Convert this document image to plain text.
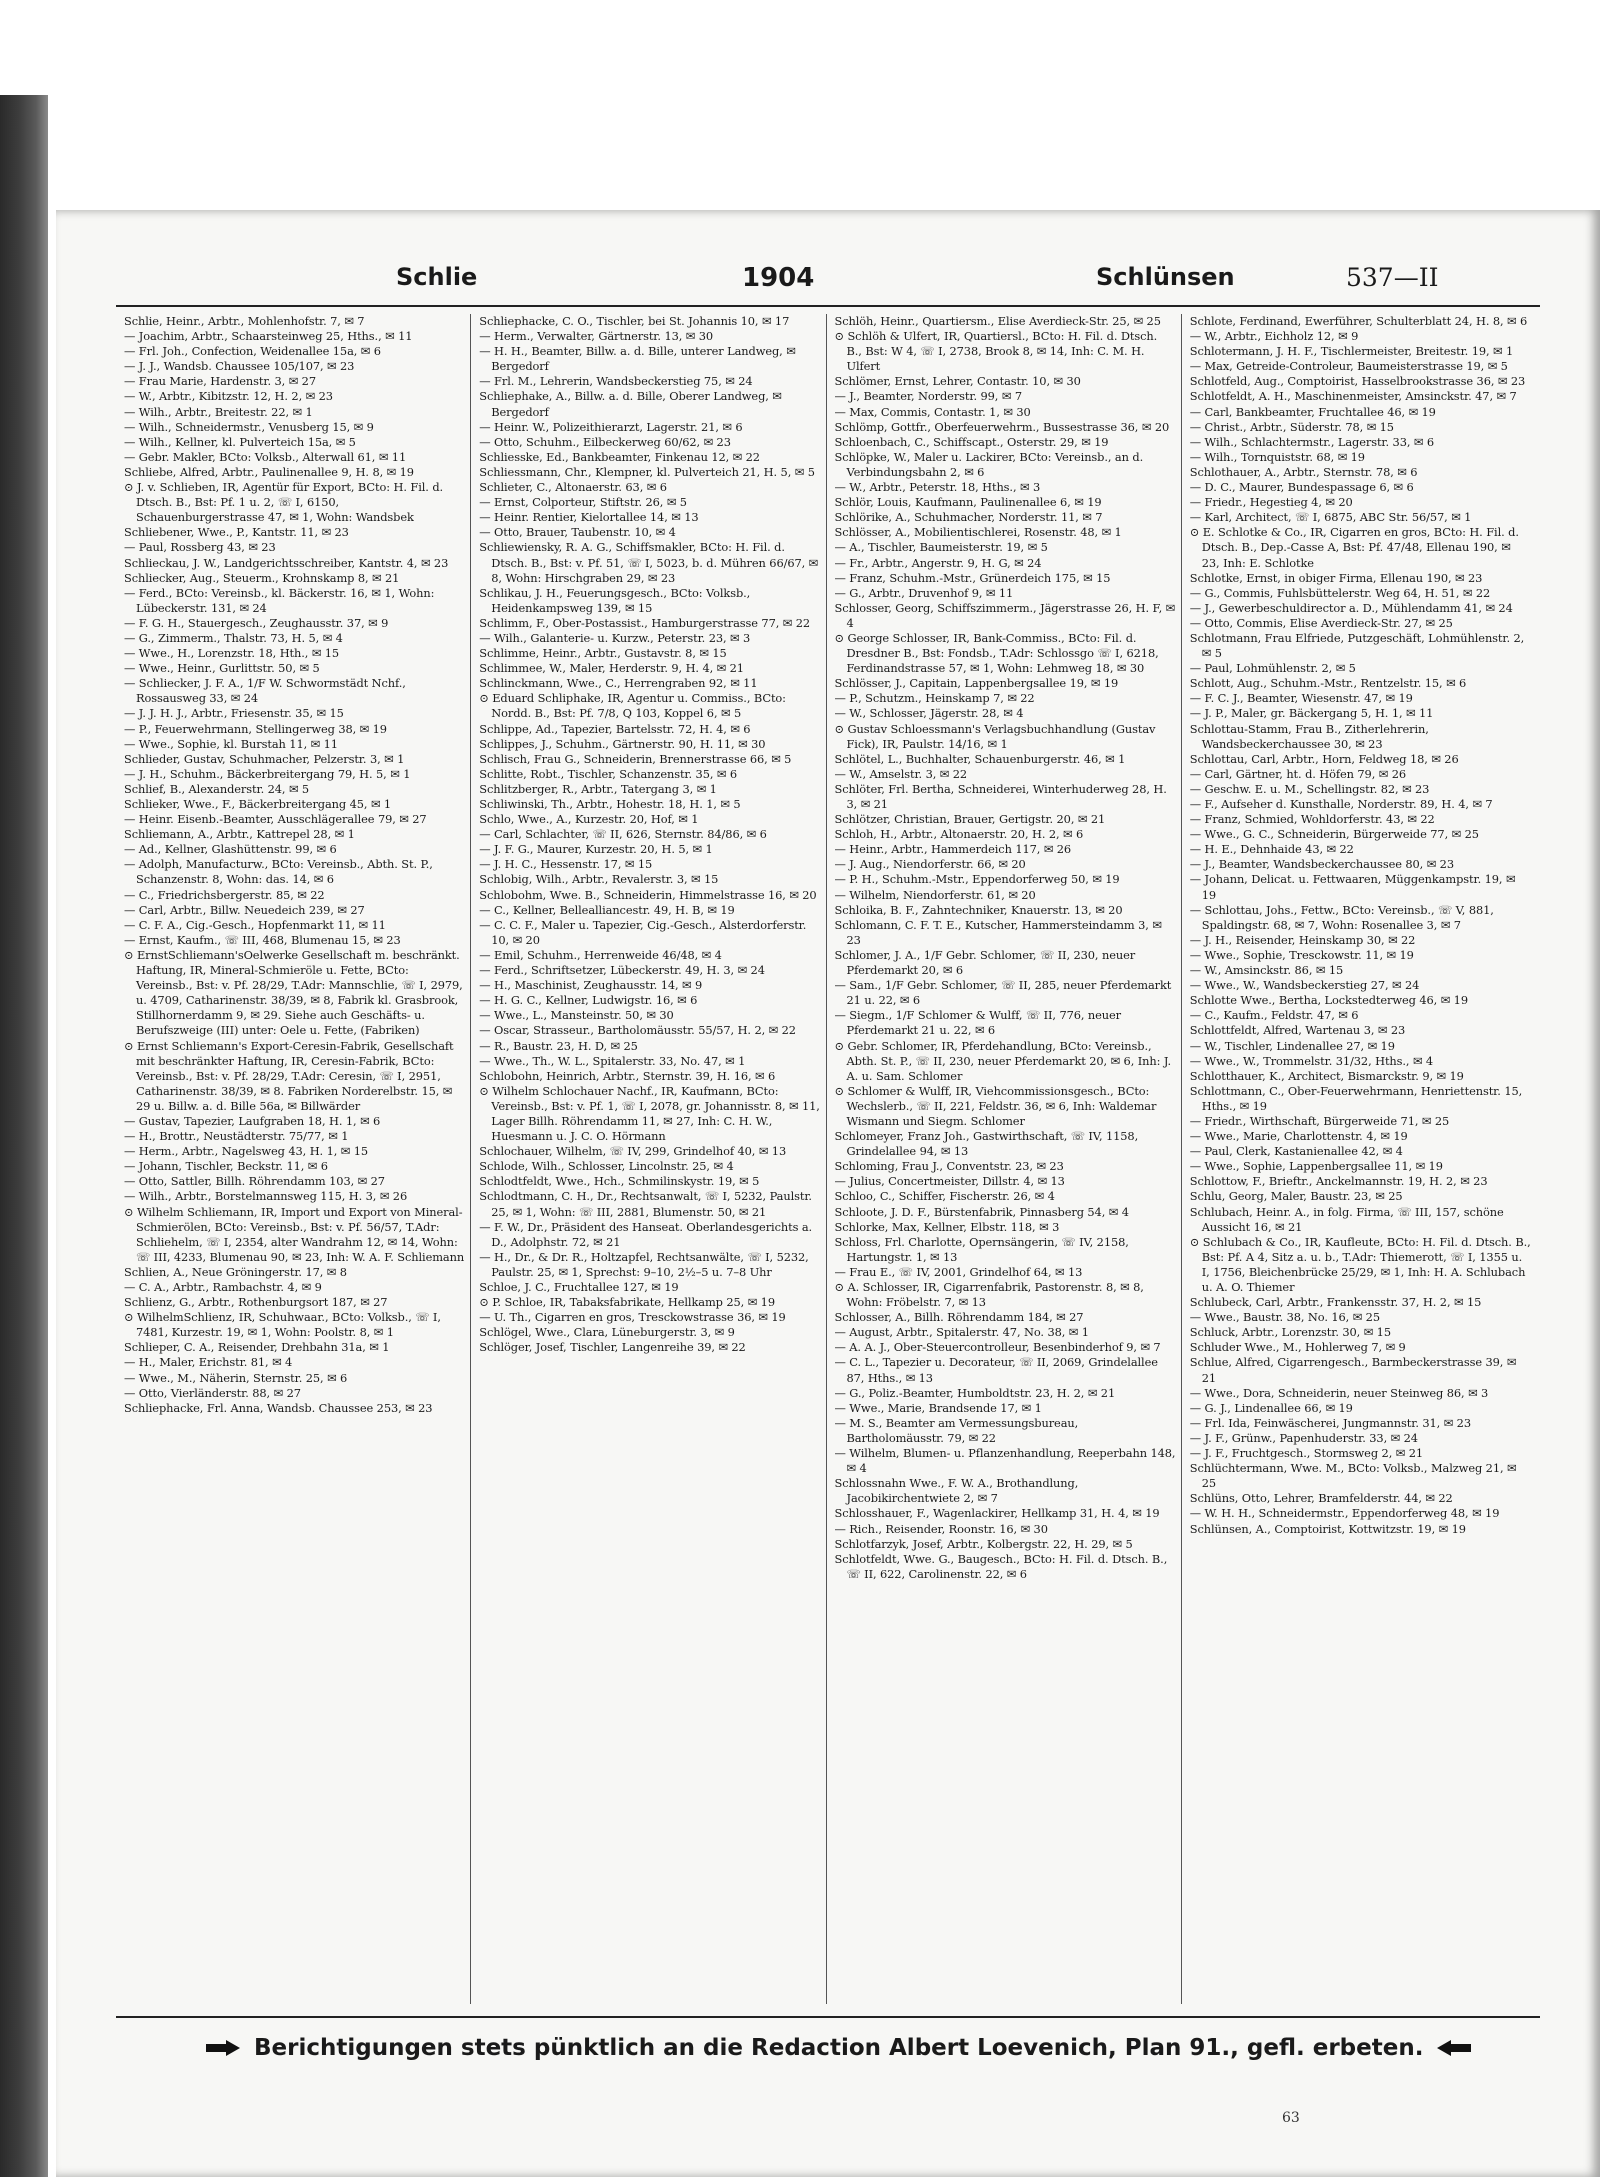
Schlie	1904	Schlünsen	537—II

Schlie, Heinr., Arbtr., Mohlenhofstr. 7, ✉ 7

— Joachim, Arbtr., Schaarsteinweg 25, Hths., ✉ 11

— Frl. Joh., Confection, Weidenallee 15a, ✉ 6

— J. J., Wandsb. Chaussee 105/107, ✉ 23

— Frau Marie, Hardenstr. 3, ✉ 27

— W., Arbtr., Kibitzstr. 12, H. 2, ✉ 23

— Wilh., Arbtr., Breitestr. 22, ✉ 1

— Wilh., Schneidermstr., Venusberg 15, ✉ 9

— Wilh., Kellner, kl. Pulverteich 15a, ✉ 5

— Gebr. Makler, BCto: Volksb., Alterwall 61, ✉ 11

Schliebe, Alfred, Arbtr., Paulinenallee 9, H. 8, ✉ 19

⊙ J. v. Schlieben, IR, Agentür für Export, BCto: H. Fil. d. Dtsch. B., Bst: Pf. 1 u. 2, ☏ I, 6150, Schauenburgerstrasse 47, ✉ 1, Wohn: Wandsbek

Schliebener, Wwe., P., Kantstr. 11, ✉ 23

— Paul, Rossberg 43, ✉ 23

Schlieckau, J. W., Landgerichtsschreiber, Kantstr. 4, ✉ 23

Schliecker, Aug., Steuerm., Krohnskamp 8, ✉ 21

— Ferd., BCto: Vereinsb., kl. Bäckerstr. 16, ✉ 1, Wohn: Lübeckerstr. 131, ✉ 24

— F. G. H., Stauergesch., Zeughausstr. 37, ✉ 9

— G., Zimmerm., Thalstr. 73, H. 5, ✉ 4

— Wwe., H., Lorenzstr. 18, Hth., ✉ 15

— Wwe., Heinr., Gurlittstr. 50, ✉ 5

— Schliecker, J. F. A., 1/F W. Schwormstädt Nchf., Rossausweg 33, ✉ 24

— J. J. H. J., Arbtr., Friesenstr. 35, ✉ 15

— P., Feuerwehrmann, Stellingerweg 38, ✉ 19

— Wwe., Sophie, kl. Burstah 11, ✉ 11

Schlieder, Gustav, Schuhmacher, Pelzerstr. 3, ✉ 1

— J. H., Schuhm., Bäckerbreitergang 79, H. 5, ✉ 1

Schlief, B., Alexanderstr. 24, ✉ 5

Schlieker, Wwe., F., Bäckerbreitergang 45, ✉ 1

— Heinr. Eisenb.-Beamter, Ausschlägerallee 79, ✉ 27

Schliemann, A., Arbtr., Kattrepel 28, ✉ 1

— Ad., Kellner, Glashüttenstr. 99, ✉ 6

— Adolph, Manufacturw., BCto: Vereinsb., Abth. St. P., Schanzenstr. 8, Wohn: das. 14, ✉ 6

— C., Friedrichsbergerstr. 85, ✉ 22

— Carl, Arbtr., Billw. Neuedeich 239, ✉ 27

— C. F. A., Cig.-Gesch., Hopfenmarkt 11, ✉ 11

— Ernst, Kaufm., ☏ III, 468, Blumenau 15, ✉ 23

⊙ ErnstSchliemann'sOelwerke Gesellschaft m. beschränkt. Haftung, IR, Mineral-Schmieröle u. Fette, BCto: Vereinsb., Bst: v. Pf. 28/29, T.Adr: Mannschlie, ☏ I, 2979, u. 4709, Catharinenstr. 38/39, ✉ 8, Fabrik kl. Grasbrook, Stillhornerdamm 9, ✉ 29. Siehe auch Geschäfts- u. Berufszweige (III) unter: Oele u. Fette, (Fabriken)

⊙ Ernst Schliemann's Export-Ceresin-Fabrik, Gesellschaft mit beschränkter Haftung, IR, Ceresin-Fabrik, BCto: Vereinsb., Bst: v. Pf. 28/29, T.Adr: Ceresin, ☏ I, 2951, Catharinenstr. 38/39, ✉ 8. Fabriken Norderelbstr. 15, ✉ 29 u. Billw. a. d. Bille 56a, ✉ Billwärder

— Gustav, Tapezier, Laufgraben 18, H. 1, ✉ 6

— H., Brottr., Neustädterstr. 75/77, ✉ 1

— Herm., Arbtr., Nagelsweg 43, H. 1, ✉ 15

— Johann, Tischler, Beckstr. 11, ✉ 6

— Otto, Sattler, Billh. Röhrendamm 103, ✉ 27

— Wilh., Arbtr., Borstelmannsweg 115, H. 3, ✉ 26

⊙ Wilhelm Schliemann, IR, Import und Export von Mineral-Schmierölen, BCto: Vereinsb., Bst: v. Pf. 56/57, T.Adr: Schliehelm, ☏ I, 2354, alter Wandrahm 12, ✉ 14, Wohn: ☏ III, 4233, Blumenau 90, ✉ 23, Inh: W. A. F. Schliemann

Schlien, A., Neue Gröningerstr. 17, ✉ 8

— C. A., Arbtr., Rambachstr. 4, ✉ 9

Schlienz, G., Arbtr., Rothenburgsort 187, ✉ 27

⊙ WilhelmSchlienz, IR, Schuhwaar., BCto: Volksb., ☏ I, 7481, Kurzestr. 19, ✉ 1, Wohn: Poolstr. 8, ✉ 1

Schlieper, C. A., Reisender, Drehbahn 31a, ✉ 1

— H., Maler, Erichstr. 81, ✉ 4

— Wwe., M., Näherin, Sternstr. 25, ✉ 6

— Otto, Vierländerstr. 88, ✉ 27

Schliephacke, Frl. Anna, Wandsb. Chaussee 253, ✉ 23

Schliephacke, C. O., Tischler, bei St. Johannis 10, ✉ 17

— Herm., Verwalter, Gärtnerstr. 13, ✉ 30

— H. H., Beamter, Billw. a. d. Bille, unterer Landweg, ✉ Bergedorf

— Frl. M., Lehrerin, Wandsbeckerstieg 75, ✉ 24

Schliephake, A., Billw. a. d. Bille, Oberer Landweg, ✉ Bergedorf

— Heinr. W., Polizeithierarzt, Lagerstr. 21, ✉ 6

— Otto, Schuhm., Eilbeckerweg 60/62, ✉ 23

Schliesske, Ed., Bankbeamter, Finkenau 12, ✉ 22

Schliessmann, Chr., Klempner, kl. Pulverteich 21, H. 5, ✉ 5

Schlieter, C., Altonaerstr. 63, ✉ 6

— Ernst, Colporteur, Stiftstr. 26, ✉ 5

— Heinr. Rentier, Kielortallee 14, ✉ 13

— Otto, Brauer, Taubenstr. 10, ✉ 4

Schliewiensky, R. A. G., Schiffsmakler, BCto: H. Fil. d. Dtsch. B., Bst: v. Pf. 51, ☏ I, 5023, b. d. Mühren 66/67, ✉ 8, Wohn: Hirschgraben 29, ✉ 23

Schlikau, J. H., Feuerungsgesch., BCto: Volksb., Heidenkampsweg 139, ✉ 15

Schlimm, F., Ober-Postassist., Hamburgerstrasse 77, ✉ 22

— Wilh., Galanterie- u. Kurzw., Peterstr. 23, ✉ 3

Schlimme, Heinr., Arbtr., Gustavstr. 8, ✉ 15

Schlimmee, W., Maler, Herderstr. 9, H. 4, ✉ 21

Schlinckmann, Wwe., C., Herrengraben 92, ✉ 11

⊙ Eduard Schliphake, IR, Agentur u. Commiss., BCto: Nordd. B., Bst: Pf. 7/8, Q 103, Koppel 6, ✉ 5

Schlippe, Ad., Tapezier, Bartelsstr. 72, H. 4, ✉ 6

Schlippes, J., Schuhm., Gärtnerstr. 90, H. 11, ✉ 30

Schlisch, Frau G., Schneiderin, Brennerstrasse 66, ✉ 5

Schlitte, Robt., Tischler, Schanzenstr. 35, ✉ 6

Schlitzberger, R., Arbtr., Tatergang 3, ✉ 1

Schliwinski, Th., Arbtr., Hohestr. 18, H. 1, ✉ 5

Schlo, Wwe., A., Kurzestr. 20, Hof, ✉ 1

— Carl, Schlachter, ☏ II, 626, Sternstr. 84/86, ✉ 6

— J. F. G., Maurer, Kurzestr. 20, H. 5, ✉ 1

— J. H. C., Hessenstr. 17, ✉ 15

Schlobig, Wilh., Arbtr., Revalerstr. 3, ✉ 15

Schlobohm, Wwe. B., Schneiderin, Himmelstrasse 16, ✉ 20

— C., Kellner, Bellealliancestr. 49, H. B, ✉ 19

— C. C. F., Maler u. Tapezier, Cig.-Gesch., Alsterdorferstr. 10, ✉ 20

— Emil, Schuhm., Herrenweide 46/48, ✉ 4

— Ferd., Schriftsetzer, Lübeckerstr. 49, H. 3, ✉ 24

— H., Maschinist, Zeughausstr. 14, ✉ 9

— H. G. C., Kellner, Ludwigstr. 16, ✉ 6

— Wwe., L., Mansteinstr. 50, ✉ 30

— Oscar, Strasseur., Bartholomäusstr. 55/57, H. 2, ✉ 22

— R., Baustr. 23, H. D, ✉ 25

— Wwe., Th., W. L., Spitalerstr. 33, No. 47, ✉ 1

Schlobohn, Heinrich, Arbtr., Sternstr. 39, H. 16, ✉ 6

⊙ Wilhelm Schlochauer Nachf., IR, Kaufmann, BCto: Vereinsb., Bst: v. Pf. 1, ☏ I, 2078, gr. Johannisstr. 8, ✉ 11, Lager Billh. Röhrendamm 11, ✉ 27, Inh: C. H. W., Huesmann u. J. C. O. Hörmann

Schlochauer, Wilhelm, ☏ IV, 299, Grindelhof 40, ✉ 13

Schlode, Wilh., Schlosser, Lincolnstr. 25, ✉ 4

Schlodtfeldt, Wwe., Hch., Schmilinskystr. 19, ✉ 5

Schlodtmann, C. H., Dr., Rechtsanwalt, ☏ I, 5232, Paulstr. 25, ✉ 1, Wohn: ☏ III, 2881, Blumenstr. 50, ✉ 21

— F. W., Dr., Präsident des Hanseat. Oberlandesgerichts a. D., Adolphstr. 72, ✉ 21

— H., Dr., & Dr. R., Holtzapfel, Rechtsanwälte, ☏ I, 5232, Paulstr. 25, ✉ 1, Sprechst: 9–10, 2½–5 u. 7–8 Uhr

Schloe, J. C., Fruchtallee 127, ✉ 19

⊙ P. Schloe, IR, Tabaksfabrikate, Hellkamp 25, ✉ 19

— U. Th., Cigarren en gros, Tresckowstrasse 36, ✉ 19

Schlögel, Wwe., Clara, Lüneburgerstr. 3, ✉ 9

Schlöger, Josef, Tischler, Langenreihe 39, ✉ 22

Schlöh, Heinr., Quartiersm., Elise Averdieck-Str. 25, ✉ 25

⊙ Schlöh & Ulfert, IR, Quartiersl., BCto: H. Fil. d. Dtsch. B., Bst: W 4, ☏ I, 2738, Brook 8, ✉ 14, Inh: C. M. H. Ulfert

Schlömer, Ernst, Lehrer, Contastr. 10, ✉ 30

— J., Beamter, Norderstr. 99, ✉ 7

— Max, Commis, Contastr. 1, ✉ 30

Schlömp, Gottfr., Oberfeuerwehrm., Bussestrasse 36, ✉ 20

Schloenbach, C., Schiffscapt., Osterstr. 29, ✉ 19

Schlöpke, W., Maler u. Lackirer, BCto: Vereinsb., an d. Verbindungsbahn 2, ✉ 6

— W., Arbtr., Peterstr. 18, Hths., ✉ 3

Schlör, Louis, Kaufmann, Paulinenallee 6, ✉ 19

Schlörike, A., Schuhmacher, Norderstr. 11, ✉ 7

Schlösser, A., Mobilientischlerei, Rosenstr. 48, ✉ 1

— A., Tischler, Baumeisterstr. 19, ✉ 5

— Fr., Arbtr., Angerstr. 9, H. G, ✉ 24

— Franz, Schuhm.-Mstr., Grünerdeich 175, ✉ 15

— G., Arbtr., Druvenhof 9, ✉ 11

Schlosser, Georg, Schiffszimmerm., Jägerstrasse 26, H. F, ✉ 4

⊙ George Schlosser, IR, Bank-Commiss., BCto: Fil. d. Dresdner B., Bst: Fondsb., T.Adr: Schlossgo ☏ I, 6218, Ferdinandstrasse 57, ✉ 1, Wohn: Lehmweg 18, ✉ 30

Schlösser, J., Capitain, Lappenbergsallee 19, ✉ 19

— P., Schutzm., Heinskamp 7, ✉ 22

— W., Schlosser, Jägerstr. 28, ✉ 4

⊙ Gustav Schloessmann's Verlagsbuchhandlung (Gustav Fick), IR, Paulstr. 14/16, ✉ 1

Schlötel, L., Buchhalter, Schauenburgerstr. 46, ✉ 1

— W., Amselstr. 3, ✉ 22

Schlöter, Frl. Bertha, Schneiderei, Winterhuderweg 28, H. 3, ✉ 21

Schlötzer, Christian, Brauer, Gertigstr. 20, ✉ 21

Schloh, H., Arbtr., Altonaerstr. 20, H. 2, ✉ 6

— Heinr., Arbtr., Hammerdeich 117, ✉ 26

— J. Aug., Niendorferstr. 66, ✉ 20

— P. H., Schuhm.-Mstr., Eppendorferweg 50, ✉ 19

— Wilhelm, Niendorferstr. 61, ✉ 20

Schloika, B. F., Zahntechniker, Knauerstr. 13, ✉ 20

Schlomann, C. F. T. E., Kutscher, Hammersteindamm 3, ✉ 23

Schlomer, J. A., 1/F Gebr. Schlomer, ☏ II, 230, neuer Pferdemarkt 20, ✉ 6

— Sam., 1/F Gebr. Schlomer, ☏ II, 285, neuer Pferdemarkt 21 u. 22, ✉ 6

— Siegm., 1/F Schlomer & Wulff, ☏ II, 776, neuer Pferdemarkt 21 u. 22, ✉ 6

⊙ Gebr. Schlomer, IR, Pferdehandlung, BCto: Vereinsb., Abth. St. P., ☏ II, 230, neuer Pferdemarkt 20, ✉ 6, Inh: J. A. u. Sam. Schlomer

⊙ Schlomer & Wulff, IR, Viehcommissionsgesch., BCto: Wechslerb., ☏ II, 221, Feldstr. 36, ✉ 6, Inh: Waldemar Wismann und Siegm. Schlomer

Schlomeyer, Franz Joh., Gastwirthschaft, ☏ IV, 1158, Grindelallee 94, ✉ 13

Schloming, Frau J., Conventstr. 23, ✉ 23

— Julius, Concertmeister, Dillstr. 4, ✉ 13

Schloo, C., Schiffer, Fischerstr. 26, ✉ 4

Schloote, J. D. F., Bürstenfabrik, Pinnasberg 54, ✉ 4

Schlorke, Max, Kellner, Elbstr. 118, ✉ 3

Schloss, Frl. Charlotte, Opernsängerin, ☏ IV, 2158, Hartungstr. 1, ✉ 13

— Frau E., ☏ IV, 2001, Grindelhof 64, ✉ 13

⊙ A. Schlosser, IR, Cigarrenfabrik, Pastorenstr. 8, ✉ 8, Wohn: Fröbelstr. 7, ✉ 13

Schlosser, A., Billh. Röhrendamm 184, ✉ 27

— August, Arbtr., Spitalerstr. 47, No. 38, ✉ 1

— A. A. J., Ober-Steuercontrolleur, Besenbinderhof 9, ✉ 7

— C. L., Tapezier u. Decorateur, ☏ II, 2069, Grindelallee 87, Hths., ✉ 13

— G., Poliz.-Beamter, Humboldtstr. 23, H. 2, ✉ 21

— Wwe., Marie, Brandsende 17, ✉ 1

— M. S., Beamter am Vermessungsbureau, Bartholomäusstr. 79, ✉ 22

— Wilhelm, Blumen- u. Pflanzenhandlung, Reeperbahn 148, ✉ 4

Schlossnahn Wwe., F. W. A., Brothandlung, Jacobikirchentwiete 2, ✉ 7

Schlosshauer, F., Wagenlackirer, Hellkamp 31, H. 4, ✉ 19

— Rich., Reisender, Roonstr. 16, ✉ 30

Schlotfarzyk, Josef, Arbtr., Kolbergstr. 22, H. 29, ✉ 5

Schlotfeldt, Wwe. G., Baugesch., BCto: H. Fil. d. Dtsch. B., ☏ II, 622, Carolinenstr. 22, ✉ 6

Schlote, Ferdinand, Ewerführer, Schulterblatt 24, H. 8, ✉ 6

— W., Arbtr., Eichholz 12, ✉ 9

Schlotermann, J. H. F., Tischlermeister, Breitestr. 19, ✉ 1

— Max, Getreide-Controleur, Baumeisterstrasse 19, ✉ 5

Schlotfeld, Aug., Comptoirist, Hasselbrookstrasse 36, ✉ 23

Schlotfeldt, A. H., Maschinenmeister, Amsinckstr. 47, ✉ 7

— Carl, Bankbeamter, Fruchtallee 46, ✉ 19

— Christ., Arbtr., Süderstr. 78, ✉ 15

— Wilh., Schlachtermstr., Lagerstr. 33, ✉ 6

— Wilh., Tornquiststr. 68, ✉ 19

Schlothauer, A., Arbtr., Sternstr. 78, ✉ 6

— D. C., Maurer, Bundespassage 6, ✉ 6

— Friedr., Hegestieg 4, ✉ 20

— Karl, Architect, ☏ I, 6875, ABC Str. 56/57, ✉ 1

⊙ E. Schlotke & Co., IR, Cigarren en gros, BCto: H. Fil. d. Dtsch. B., Dep.-Casse A, Bst: Pf. 47/48, Ellenau 190, ✉ 23, Inh: E. Schlotke

Schlotke, Ernst, in obiger Firma, Ellenau 190, ✉ 23

— G., Commis, Fuhlsbüttelerstr. Weg 64, H. 51, ✉ 22

— J., Gewerbeschuldirector a. D., Mühlendamm 41, ✉ 24

— Otto, Commis, Elise Averdieck-Str. 27, ✉ 25

Schlotmann, Frau Elfriede, Putzgeschäft, Lohmühlenstr. 2, ✉ 5

— Paul, Lohmühlenstr. 2, ✉ 5

Schlott, Aug., Schuhm.-Mstr., Rentzelstr. 15, ✉ 6

— F. C. J., Beamter, Wiesenstr. 47, ✉ 19

— J. P., Maler, gr. Bäckergang 5, H. 1, ✉ 11

Schlottau-Stamm, Frau B., Zitherlehrerin, Wandsbeckerchaussee 30, ✉ 23

Schlottau, Carl, Arbtr., Horn, Feldweg 18, ✉ 26

— Carl, Gärtner, ht. d. Höfen 79, ✉ 26

— Geschw. E. u. M., Schellingstr. 82, ✉ 23

— F., Aufseher d. Kunsthalle, Norderstr. 89, H. 4, ✉ 7

— Franz, Schmied, Wohldorferstr. 43, ✉ 22

— Wwe., G. C., Schneiderin, Bürgerweide 77, ✉ 25

— H. E., Dehnhaide 43, ✉ 22

— J., Beamter, Wandsbeckerchaussee 80, ✉ 23

— Johann, Delicat. u. Fettwaaren, Müggenkampstr. 19, ✉ 19

— Schlottau, Johs., Fettw., BCto: Vereinsb., ☏ V, 881, Spaldingstr. 68, ✉ 7, Wohn: Rosenallee 3, ✉ 7

— J. H., Reisender, Heinskamp 30, ✉ 22

— Wwe., Sophie, Tresckowstr. 11, ✉ 19

— W., Amsinckstr. 86, ✉ 15

— Wwe., W., Wandsbeckerstieg 27, ✉ 24

Schlotte Wwe., Bertha, Lockstedterweg 46, ✉ 19

— C., Kaufm., Feldstr. 47, ✉ 6

Schlottfeldt, Alfred, Wartenau 3, ✉ 23

— W., Tischler, Lindenallee 27, ✉ 19

— Wwe., W., Trommelstr. 31/32, Hths., ✉ 4

Schlotthauer, K., Architect, Bismarckstr. 9, ✉ 19

Schlottmann, C., Ober-Feuerwehrmann, Henriettenstr. 15, Hths., ✉ 19

— Friedr., Wirthschaft, Bürgerweide 71, ✉ 25

— Wwe., Marie, Charlottenstr. 4, ✉ 19

— Paul, Clerk, Kastanienallee 42, ✉ 4

— Wwe., Sophie, Lappenbergsallee 11, ✉ 19

Schlottow, F., Brieftr., Anckelmannstr. 19, H. 2, ✉ 23

Schlu, Georg, Maler, Baustr. 23, ✉ 25

Schlubach, Heinr. A., in folg. Firma, ☏ III, 157, schöne Aussicht 16, ✉ 21

⊙ Schlubach & Co., IR, Kaufleute, BCto: H. Fil. d. Dtsch. B., Bst: Pf. A 4, Sitz a. u. b., T.Adr: Thiemerott, ☏ I, 1355 u. I, 1756, Bleichenbrücke 25/29, ✉ 1, Inh: H. A. Schlubach u. A. O. Thiemer

Schlubeck, Carl, Arbtr., Frankensstr. 37, H. 2, ✉ 15

— Wwe., Baustr. 38, No. 16, ✉ 25

Schluck, Arbtr., Lorenzstr. 30, ✉ 15

Schluder Wwe., M., Hohlerweg 7, ✉ 9

Schlue, Alfred, Cigarrengesch., Barmbeckerstrasse 39, ✉ 21

— Wwe., Dora, Schneiderin, neuer Steinweg 86, ✉ 3

— G. J., Lindenallee 66, ✉ 19

— Frl. Ida, Feinwäscherei, Jungmannstr. 31, ✉ 23

— J. F., Grünw., Papenhuderstr. 33, ✉ 24

— J. F., Fruchtgesch., Stormsweg 2, ✉ 21

Schlüchtermann, Wwe. M., BCto: Volksb., Malzweg 21, ✉ 25

Schlüns, Otto, Lehrer, Bramfelderstr. 44, ✉ 22

— W. H. H., Schneidermstr., Eppendorferweg 48, ✉ 19

Schlünsen, A., Comptoirist, Kottwitzstr. 19, ✉ 19

Berichtigungen stets pünktlich an die Redaction Albert Loevenich, Plan 91., gefl. erbeten.
63
